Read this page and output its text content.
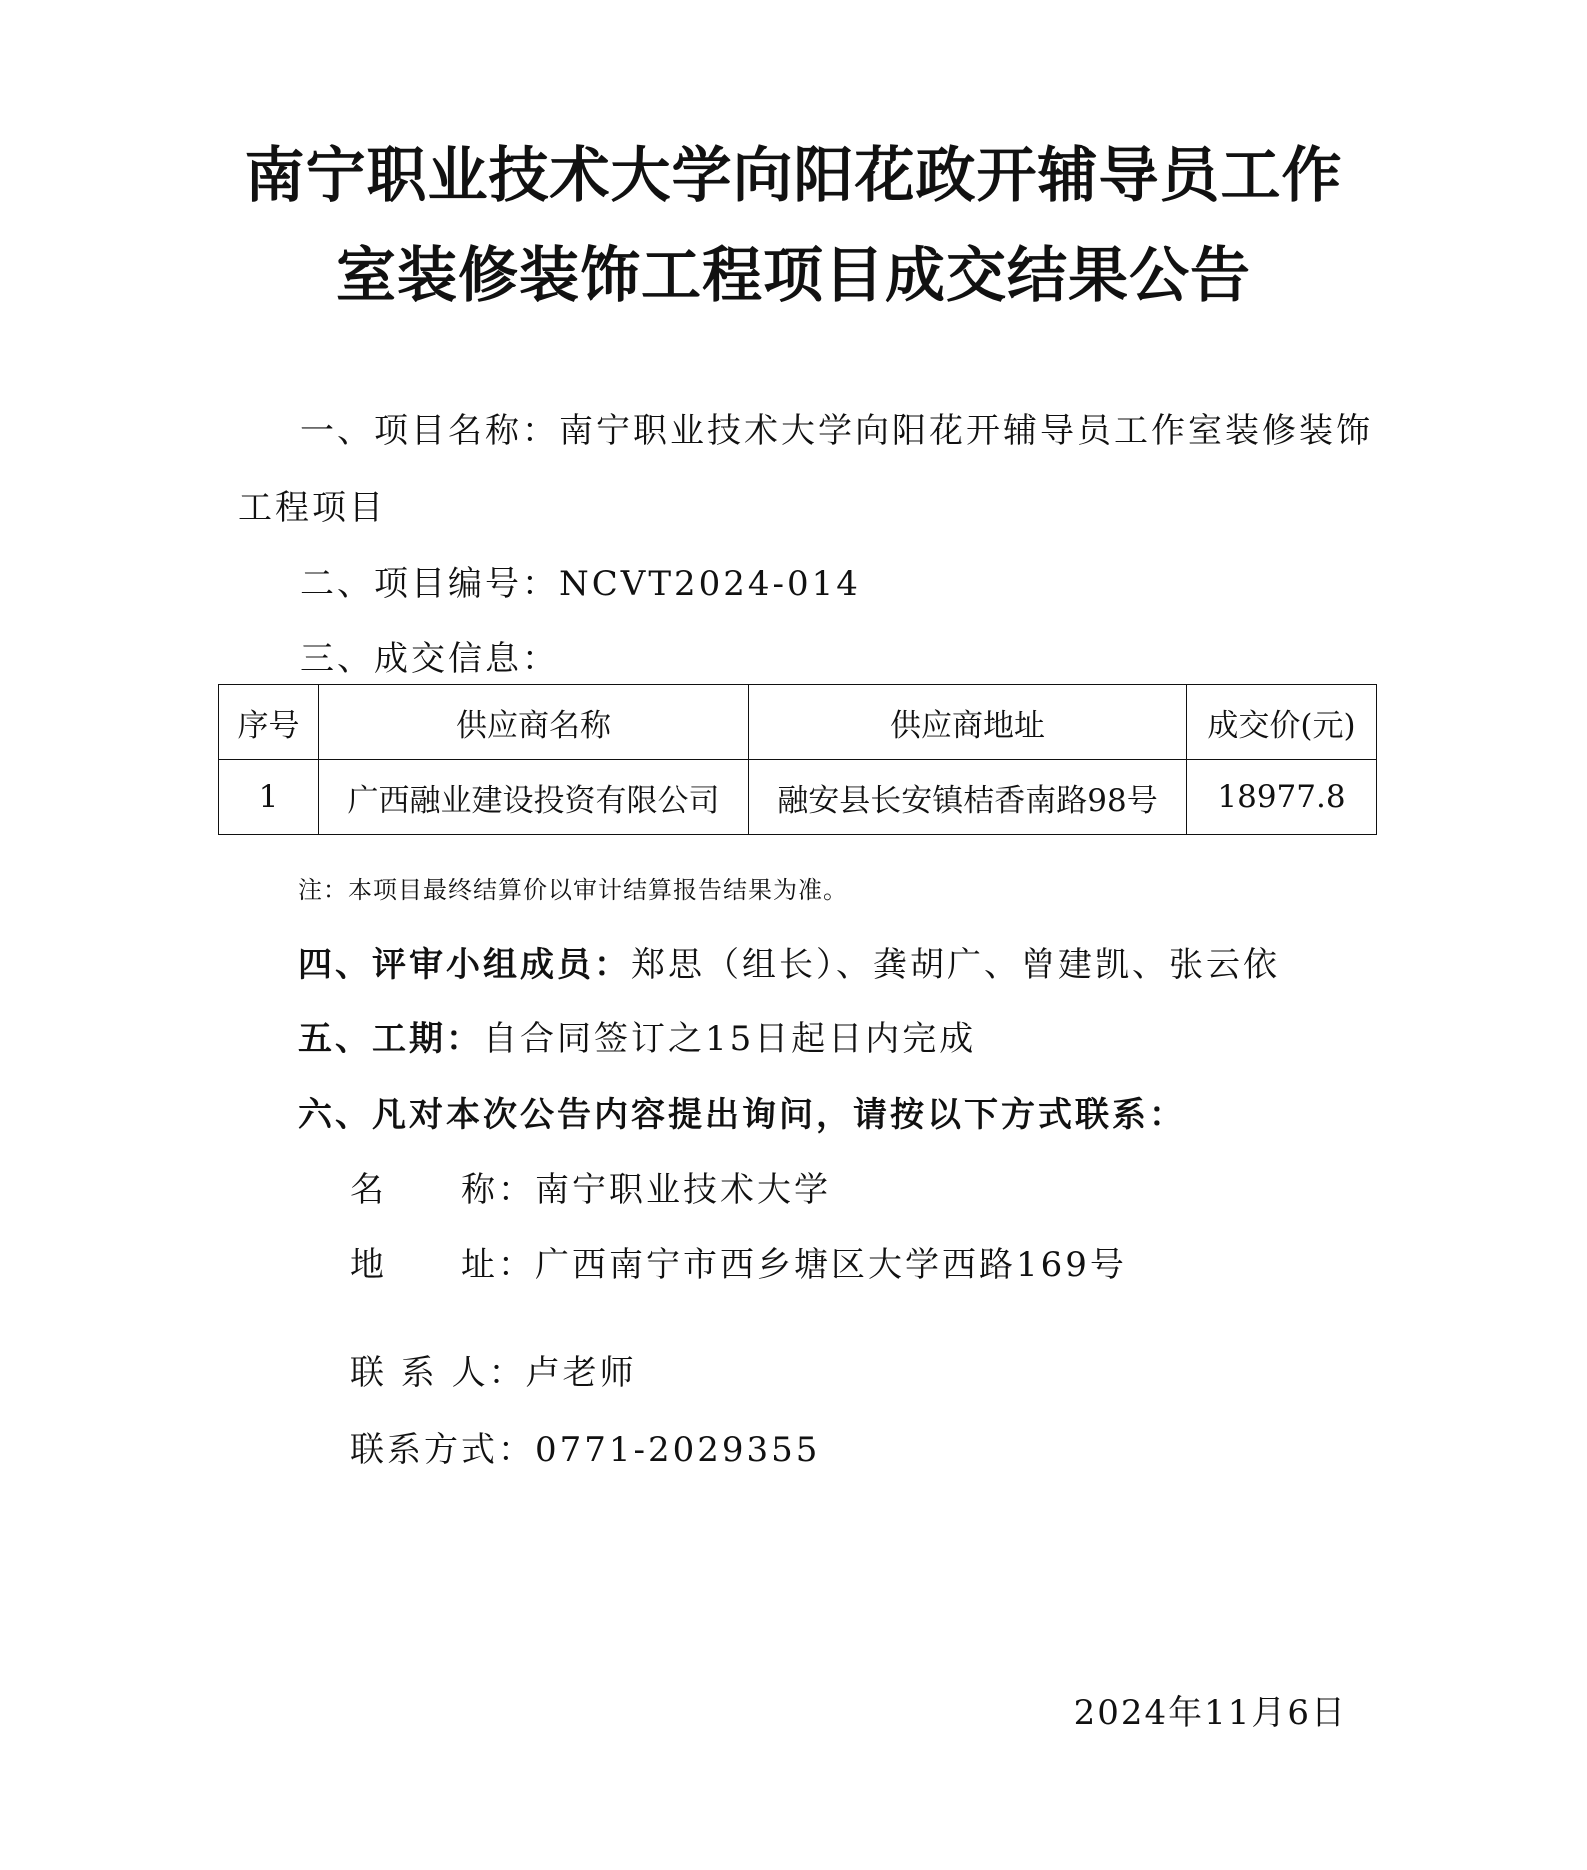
南宁职业技术大学向阳花政开辅导员工作
室装修装饰工程项目成交结果公告
一、项目名称：南宁职业技术大学向阳花开辅导员工作室装修装饰
工程项目
二、项目编号：NCVT2024-014
三、成交信息：
序号	供应商名称	供应商地址	成交价(元)
1	广西融业建设投资有限公司	融安县长安镇桔香南路98号	18977.8
注：本项目最终结算价以审计结算报告结果为准。
四、评审小组成员：郑思（组长）、龚胡广、曾建凯、张云依
五、工期：自合同签订之15日起日内完成
六、凡对本次公告内容提出询问，请按以下方式联系：
名　　称：南宁职业技术大学
地　　址：广西南宁市西乡塘区大学西路169号
联 系 人：卢老师
联系方式：0771-2029355
2024年11月6日
